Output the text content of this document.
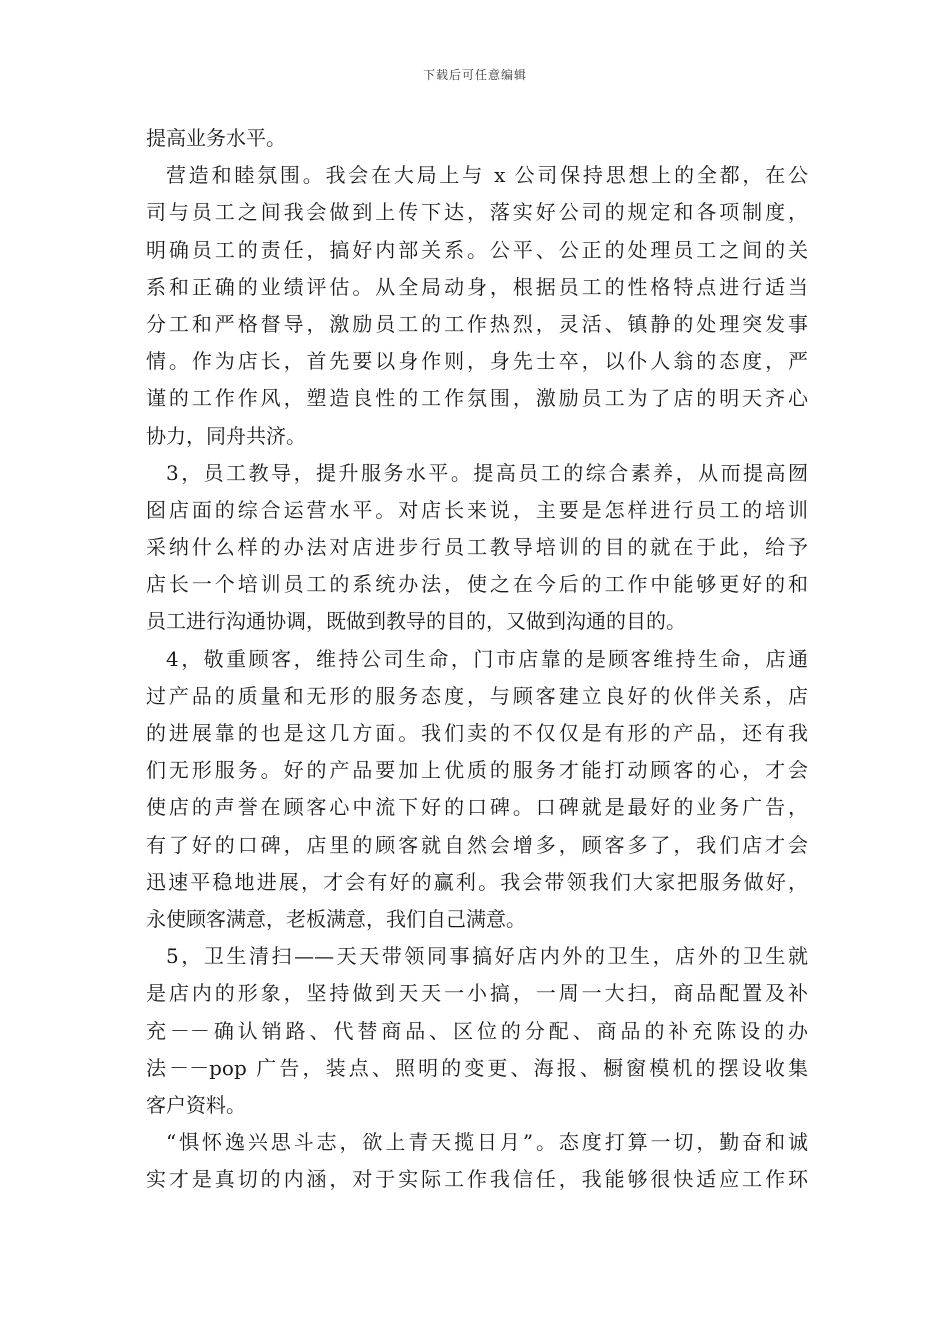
下载后可任意编辑
提高业务水平。
营造和睦氛围。我会在大局上与 x 公司保持思想上的全都，在公
司与员工之间我会做到上传下达，落实好公司的规定和各项制度，
明确员工的责任，搞好内部关系。公平、公正的处理员工之间的关
系和正确的业绩评估。从全局动身，根据员工的性格特点进行适当
分工和严格督导，激励员工的工作热烈，灵活、镇静的处理突发事
情。作为店长，首先要以身作则，身先士卒，以仆人翁的态度，严
谨的工作作风，塑造良性的工作氛围，激励员工为了店的明天齐心
协力，同舟共济。
3，员工教导，提升服务水平。提高员工的综合素养，从而提高囫
囵店面的综合运营水平。对店长来说，主要是怎样进行员工的培训
采纳什么样的办法对店进步行员工教导培训的目的就在于此，给予
店长一个培训员工的系统办法，使之在今后的工作中能够更好的和
员工进行沟通协调，既做到教导的目的，又做到沟通的目的。
4，敬重顾客，维持公司生命，门市店靠的是顾客维持生命，店通
过产品的质量和无形的服务态度，与顾客建立良好的伙伴关系，店
的进展靠的也是这几方面。我们卖的不仅仅是有形的产品，还有我
们无形服务。好的产品要加上优质的服务才能打动顾客的心，才会
使店的声誉在顾客心中流下好的口碑。口碑就是最好的业务广告，
有了好的口碑，店里的顾客就自然会增多，顾客多了，我们店才会
迅速平稳地进展，才会有好的赢利。我会带领我们大家把服务做好，
永使顾客满意，老板满意，我们自己满意。
5，卫生清扫——天天带领同事搞好店内外的卫生，店外的卫生就
是店内的形象，坚持做到天天一小搞，一周一大扫，商品配置及补
充－－确认销路、代替商品、区位的分配、商品的补充陈设的办
法－－pop 广告，装点、照明的变更、海报、橱窗模机的摆设收集
客户资料。
“惧怀逸兴思斗志，欲上青天揽日月”。态度打算一切，勤奋和诚
实才是真切的内涵，对于实际工作我信任，我能够很快适应工作环
